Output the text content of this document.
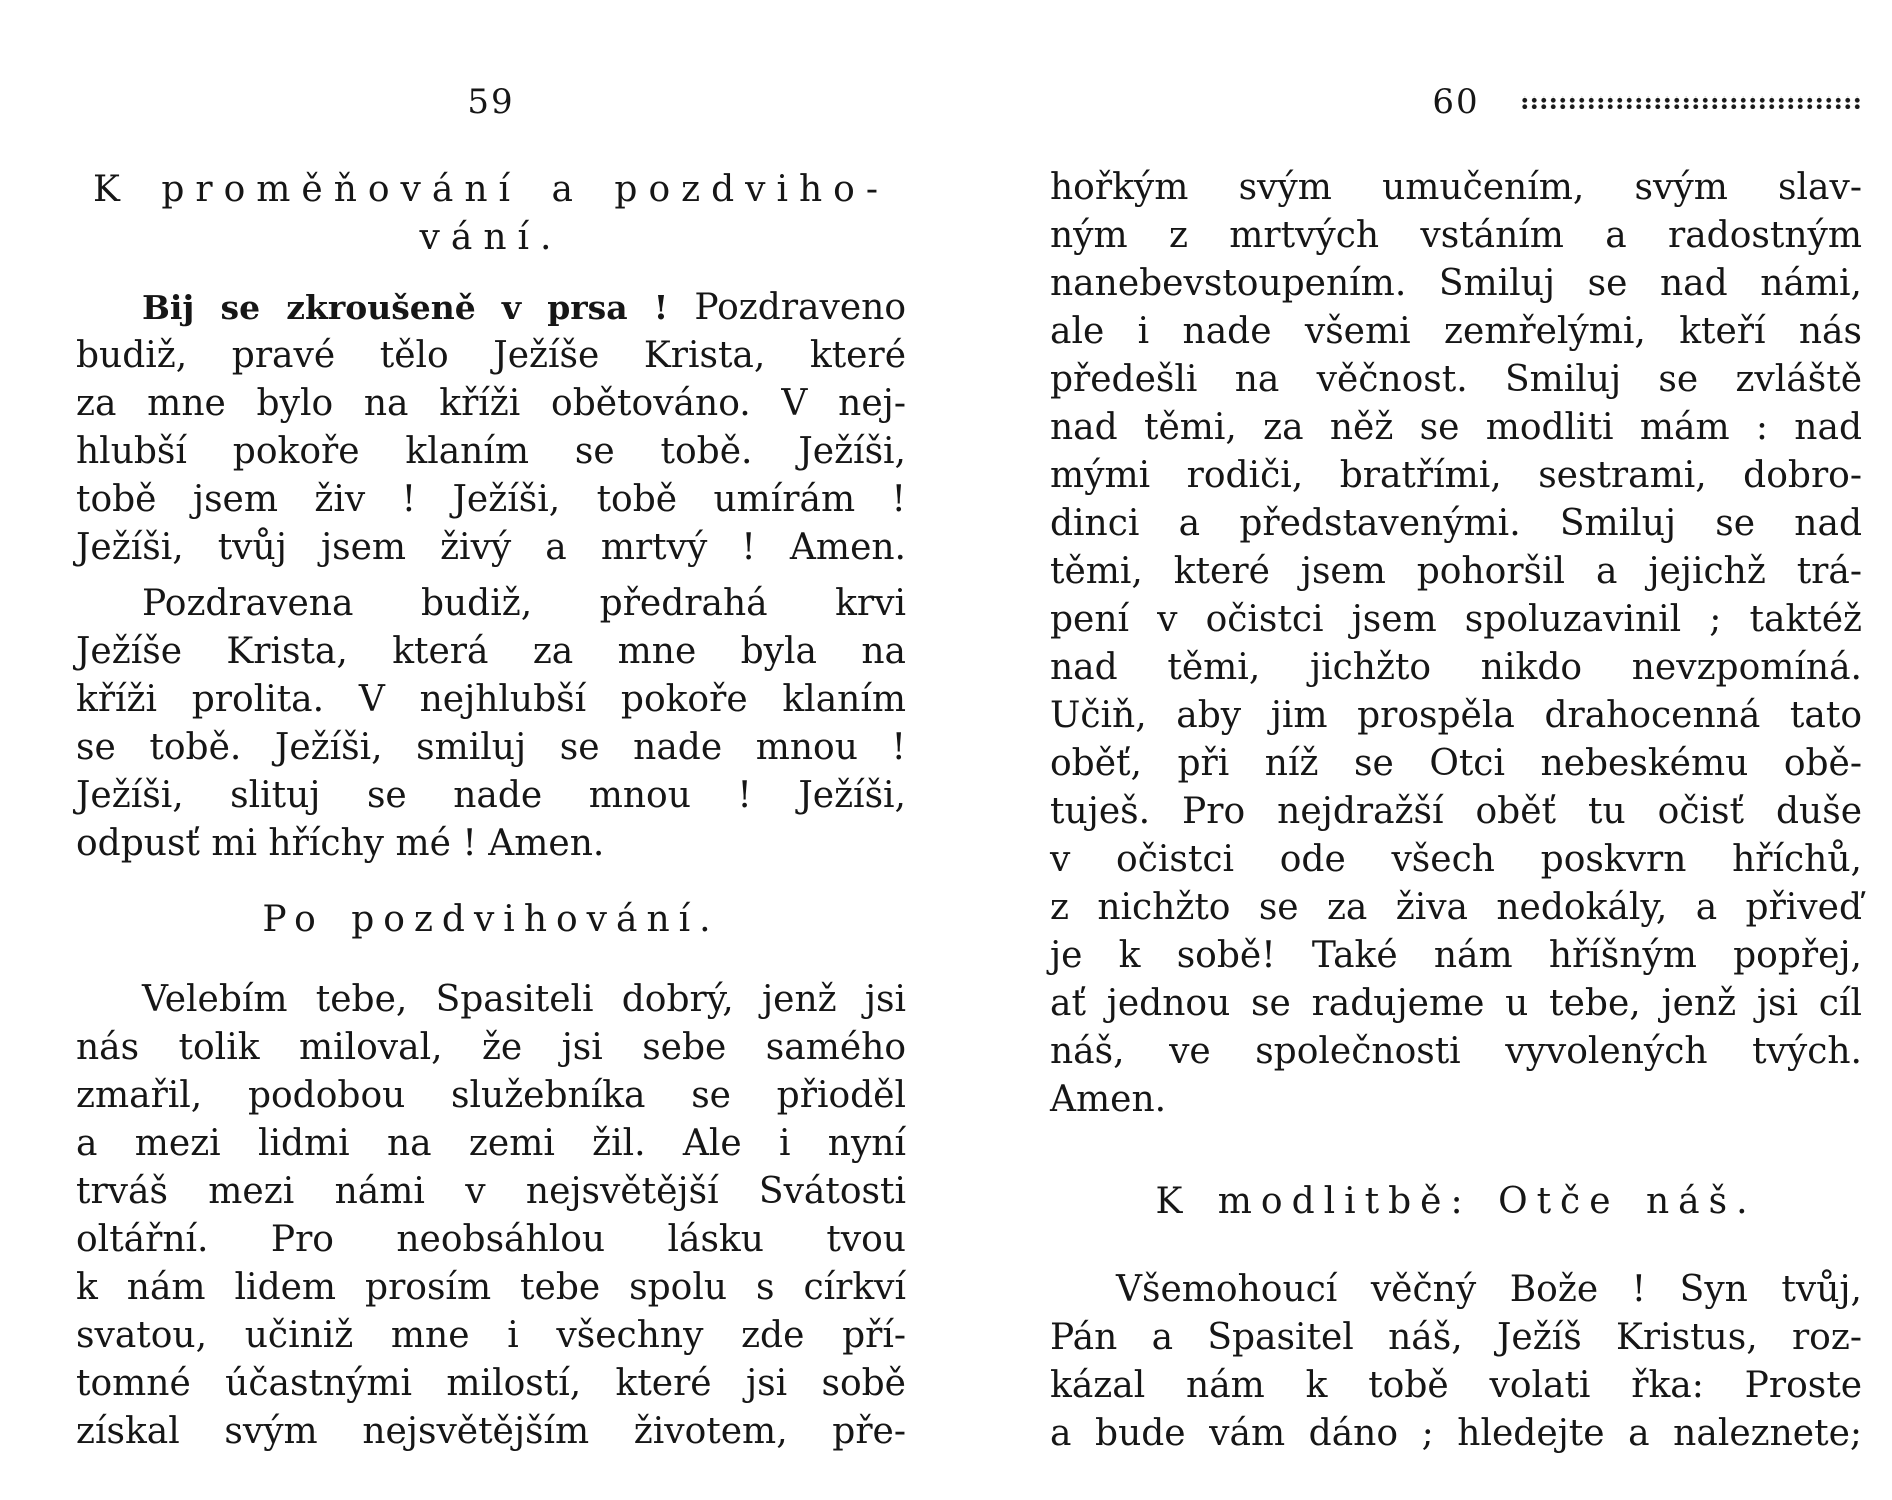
59
K proměňování a pozdviho-
vání.
Bij se zkroušeně v prsa ! Pozdraveno
budiž, pravé tělo Ježíše Krista, které
za mne bylo na kříži obětováno. V nej-
hlubší pokoře klaním se tobě. Ježíši,
tobě jsem živ ! Ježíši, tobě umírám !
Ježíši, tvůj jsem živý a mrtvý ! Amen.
Pozdravena budiž, předrahá krvi
Ježíše Krista, která za mne byla na
kříži prolita. V nejhlubší pokoře klaním
se tobě. Ježíši, smiluj se nade mnou !
Ježíši, slituj se nade mnou ! Ježíši,
odpusť mi hříchy mé ! Amen.
Po pozdvihování.
Velebím tebe, Spasiteli dobrý, jenž jsi
nás tolik miloval, že jsi sebe samého
zmařil, podobou služebníka se přioděl
a mezi lidmi na zemi žil. Ale i nyní
trváš mezi námi v nejsvětější Svátosti
oltářní. Pro neobsáhlou lásku tvou
k nám lidem prosím tebe spolu s církví
svatou, učiniž mne i všechny zde pří-
tomné účastnými milostí, které jsi sobě
získal svým nejsvětějším životem, pře-
60
hořkým svým umučením, svým slav-
ným z mrtvých vstáním a radostným
nanebevstoupením. Smiluj se nad námi,
ale i nade všemi zemřelými, kteří nás
předešli na věčnost. Smiluj se zvláště
nad těmi, za něž se modliti mám : nad
mými rodiči, bratřími, sestrami, dobro-
dinci a představenými. Smiluj se nad
těmi, které jsem pohoršil a jejichž trá-
pení v očistci jsem spoluzavinil ; taktéž
nad těmi, jichžto nikdo nevzpomíná.
Učiň, aby jim prospěla drahocenná tato
oběť, při níž se Otci nebeskému obě-
tuješ. Pro nejdražší oběť tu očisť duše
v očistci ode všech poskvrn hříchů,
z nichžto se za živa nedokály, a přiveď
je k sobě! Také nám hříšným popřej,
ať jednou se radujeme u tebe, jenž jsi cíl
náš, ve společnosti vyvolených tvých.
Amen.
K modlitbě: Otče náš.
Všemohoucí věčný Bože ! Syn tvůj,
Pán a Spasitel náš, Ježíš Kristus, roz-
kázal nám k tobě volati řka: Proste
a bude vám dáno ; hledejte a naleznete;
